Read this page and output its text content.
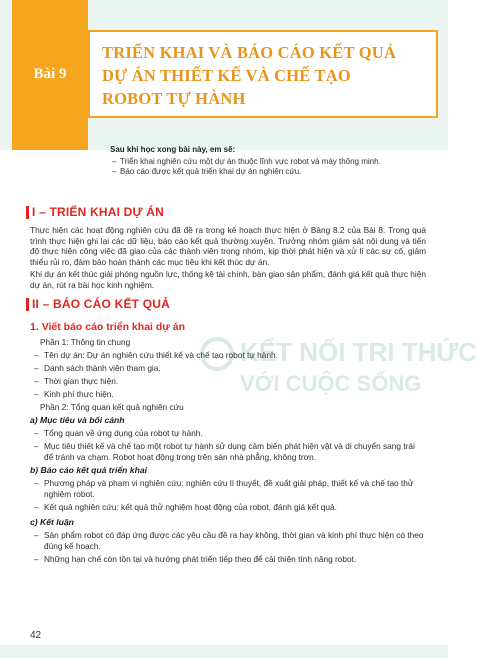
Bài 9
TRIỂN KHAI VÀ BÁO CÁO KẾT QUẢ
DỰ ÁN THIẾT KẾ VÀ CHẾ TẠO
ROBOT TỰ HÀNH
Sau khi học xong bài này, em sẽ:
– Triển khai nghiên cứu một dự án thuộc lĩnh vực robot và máy thông minh.
– Báo cáo được kết quả triển khai dự án nghiên cứu.
I – TRIỂN KHAI DỰ ÁN
Thực hiện các hoạt động nghiên cứu đã đề ra trong kế hoạch thực hiện ở Bảng 8.2 của Bài 8. Trong quá trình thực hiện ghi lại các dữ liệu, báo cáo kết quả thường xuyên. Trưởng nhóm giám sát nội dung và tiến độ thực hiện công việc đã giao của các thành viên trong nhóm, kịp thời phát hiện và xử lí các sự cố, giảm thiểu rủi ro, đảm bảo hoàn thành các mục tiêu khi kết thúc dự án.
Khi dự án kết thúc giải phóng nguồn lực, thống kê tài chính, bàn giao sản phẩm, đánh giá kết quả thực hiện dự án, rút ra bài học kinh nghiệm.
II – BÁO CÁO KẾT QUẢ
1. Viết báo cáo triển khai dự án
KẾT NỐI TRI THỨC
VỚI CUỘC SỐNG
Phần 1: Thông tin chung
– Tên dự án: Dự án nghiên cứu thiết kế và chế tạo robot tự hành.
– Danh sách thành viên tham gia.
– Thời gian thực hiện.
– Kinh phí thực hiện.
Phần 2: Tổng quan kết quả nghiên cứu
a) Mục tiêu và bối cảnh
– Tổng quan về ứng dụng của robot tự hành.
– Mục tiêu thiết kế và chế tạo một robot tự hành sử dụng cảm biến phát hiện vật và di chuyển sang trái để tránh va chạm. Robot hoạt động trong trên sàn nhà phẳng, không trơn.
b) Báo cáo kết quả triển khai
– Phương pháp và phạm vi nghiên cứu: nghiên cứu lí thuyết, đề xuất giải pháp, thiết kế và chế tạo thử nghiệm robot.
– Kết quả nghiên cứu: kết quả thử nghiệm hoạt động của robot, đánh giá kết quả.
c) Kết luận
– Sản phẩm robot có đáp ứng được các yêu cầu đề ra hay không, thời gian và kinh phí thực hiện có theo đúng kế hoạch.
– Những hạn chế còn tồn tại và hướng phát triển tiếp theo để cải thiện tính năng robot.
42
